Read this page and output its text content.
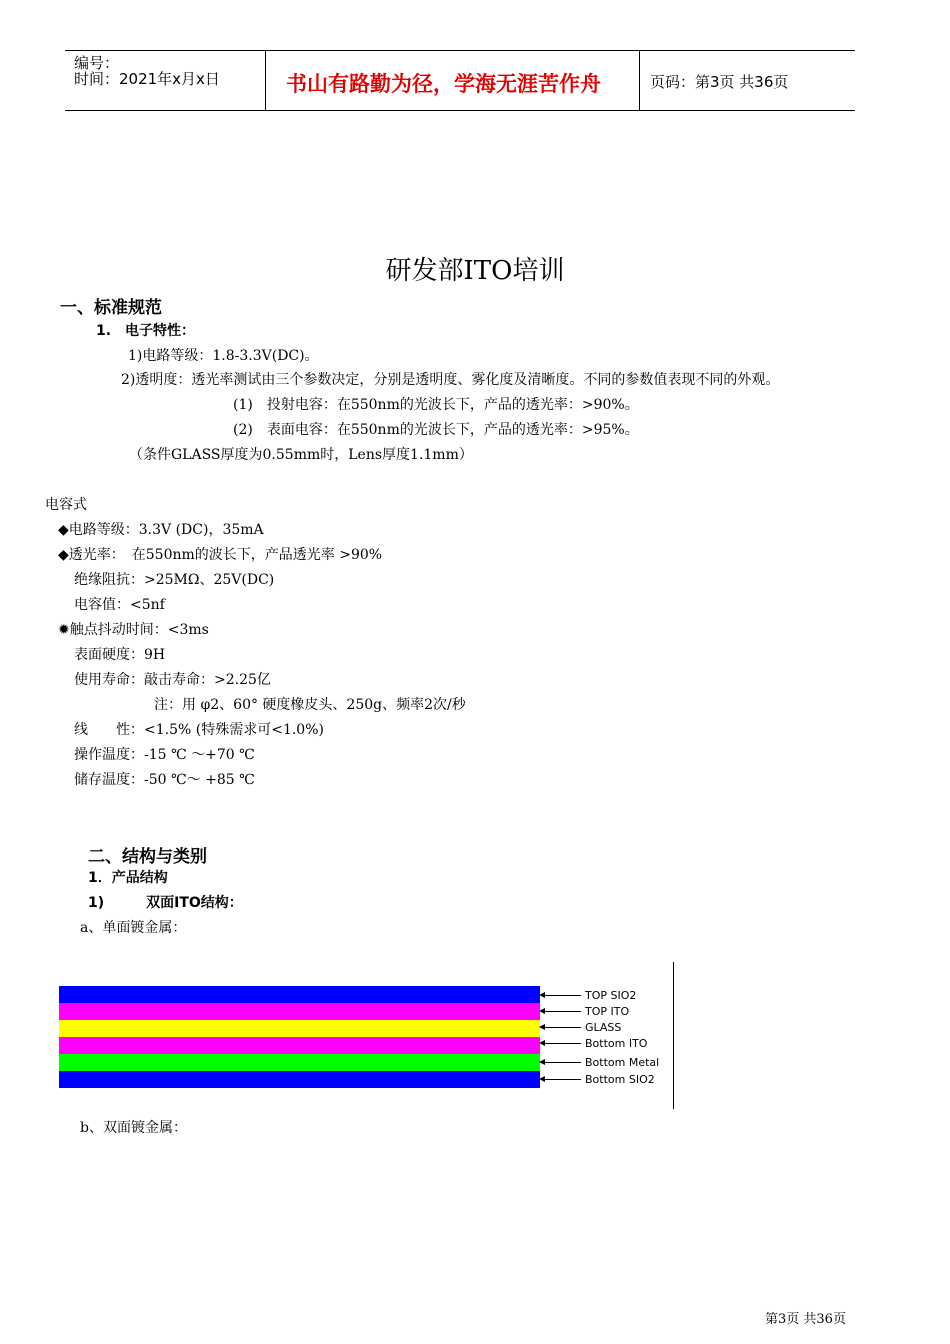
编号：
时间：2021年x月x日	书山有路勤为径，学海无涯苦作舟	页码：第3页 共36页
研发部ITO培训
一、标准规范
1.　电子特性：
1)电路等级：1.8-3.3V(DC)。
2)透明度：透光率测试由三个参数决定，分别是透明度、雾化度及清晰度。不同的参数值表现不同的外观。
(1)　投射电容：在550nm的光波长下，产品的透光率：>90%。
(2)　表面电容：在550nm的光波长下，产品的透光率：>95%。
（条件GLASS厚度为0.55mm时，Lens厚度1.1mm）
电容式
◆电路等级：3.3V (DC)，35mA
◆透光率：　在550nm的波长下，产品透光率 >90%
绝缘阻抗：>25MΩ、25V(DC)
电容值：<5nf
✹触点抖动时间：<3ms
表面硬度：9H
使用寿命：敲击寿命：>2.25亿
注：用 φ2、60° 硬度橡皮头、250g、频率2次/秒
线　　性：<1.5% (特殊需求可<1.0%)
操作温度：-15 ℃ ～+70 ℃
储存温度：-50 ℃～ +85 ℃
二、结构与类别
1．产品结构
1)　　　双面ITO结构：
a、单面镀金属：
TOP SIO2
TOP ITO
GLASS
Bottom ITO
Bottom Metal
Bottom SIO2
b、双面镀金属：
第3页 共36页
